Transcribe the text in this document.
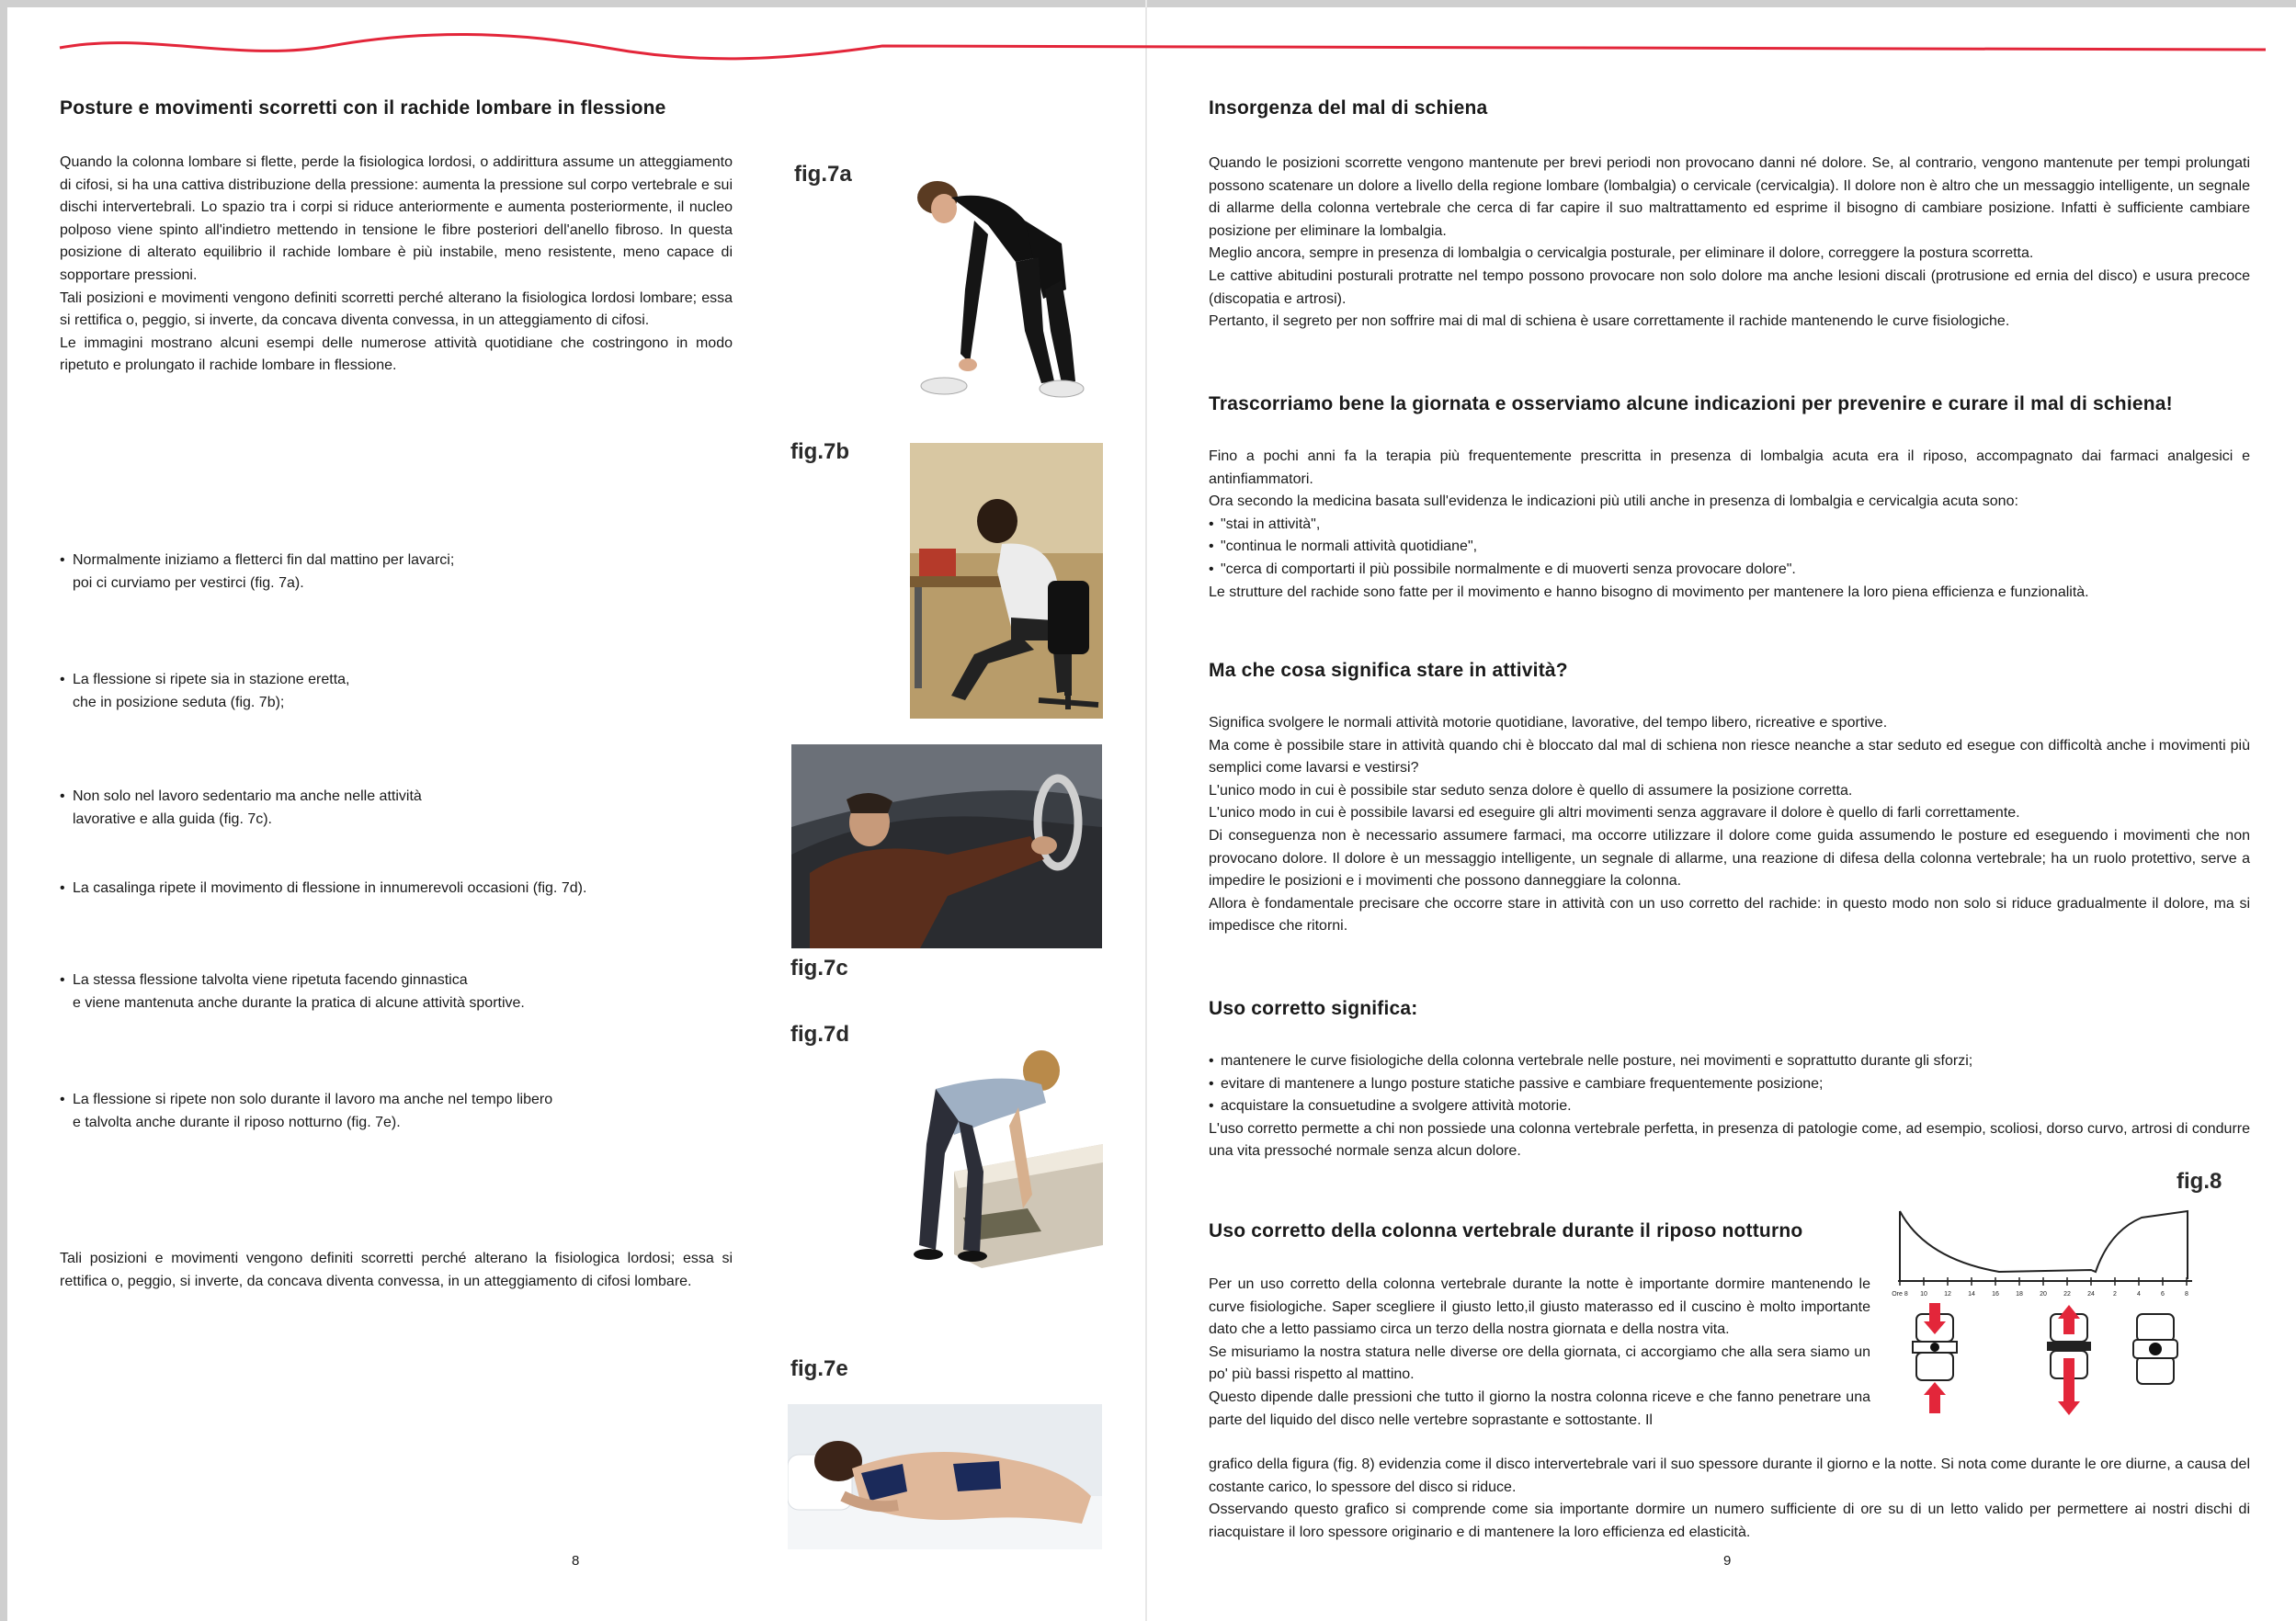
Posture e movimenti scorretti con il rachide lombare in flessione

Quando la colonna lombare si flette, perde la fisiologica lordosi, o addirittura assume un atteggiamento di cifosi, si ha una cattiva distribuzione della pressione: aumenta la pressione sul corpo vertebrale e sui dischi intervertebrali. Lo spazio tra i corpi si riduce anteriormente e aumenta posteriormente, il nucleo polposo viene spinto all'indietro mettendo in tensione le fibre posteriori dell'anello fibroso. In questa posizione di alterato equilibrio il rachide lombare è più instabile, meno resistente, meno capace di sopportare pressioni.

Tali posizioni e movimenti vengono definiti scorretti perché alterano la fisiologica lordosi lombare; essa si rettifica o, peggio, si inverte, da concava diventa convessa, in un atteggiamento di cifosi.

Le immagini mostrano alcuni esempi delle numerose attività quotidiane che costringono in modo ripetuto e prolungato il rachide lombare in flessione.

• Normalmente iniziamo a fletterci fin dal mattino per lavarci;
poi ci curviamo per vestirci (fig. 7a).
• La flessione si ripete sia in stazione eretta,
che in posizione seduta (fig. 7b);
• Non solo nel lavoro sedentario ma anche nelle attività
lavorative e alla guida (fig. 7c).
• La casalinga ripete il movimento di flessione in innumerevoli occasioni (fig. 7d).
• La stessa flessione talvolta viene ripetuta facendo ginnastica
e viene mantenuta anche durante la pratica di alcune attività sportive.
• La flessione si ripete non solo durante il lavoro ma anche nel tempo libero
e talvolta anche durante il riposo notturno (fig. 7e).
Tali posizioni e movimenti vengono definiti scorretti perché alterano la fisiologica lordosi; essa si rettifica o, peggio, si inverte, da concava diventa convessa, in un atteggiamento di cifosi lombare.
8
fig.7a
fig.7b
fig.7c
fig.7d
fig.7e
Insorgenza del mal di schiena

Quando le posizioni scorrette vengono mantenute per brevi periodi non provocano danni né dolore. Se, al contrario, vengono mantenute per tempi prolungati possono scatenare un dolore a livello della regione lombare (lombalgia) o cervicale (cervicalgia). Il dolore non è altro che un messaggio intelligente, un segnale di allarme della colonna vertebrale che cerca di far capire il suo maltrattamento ed esprime il bisogno di cambiare posizione. Infatti è sufficiente cambiare posizione per eliminare la lombalgia.

Meglio ancora, sempre in presenza di lombalgia o cervicalgia posturale, per eliminare il dolore, correggere la postura scorretta.

Le cattive abitudini posturali protratte nel tempo possono provocare non solo dolore ma anche lesioni discali (protrusione ed ernia del disco) e usura precoce (discopatia e artrosi).

Pertanto, il segreto per non soffrire mai di mal di schiena è usare correttamente il rachide mantenendo le curve fisiologiche.

Trascorriamo bene la giornata e osserviamo alcune indicazioni per prevenire e curare il mal di schiena!

Fino a pochi anni fa la terapia più frequentemente prescritta in presenza di lombalgia acuta era il riposo, accompagnato dai farmaci analgesici e antinfiammatori.

Ora secondo la medicina basata sull'evidenza le indicazioni più utili anche in presenza di lombalgia e cervicalgia acuta sono:

• "stai in attività",
• "continua le normali attività quotidiane",
• "cerca di comportarti il più possibile normalmente e di muoverti senza provocare dolore".

Le strutture del rachide sono fatte per il movimento e hanno bisogno di movimento per mantenere la loro piena efficienza e funzionalità.

Ma che cosa significa stare in attività?

Significa svolgere le normali attività motorie quotidiane, lavorative, del tempo libero, ricreative e sportive.

Ma come è possibile stare in attività quando chi è bloccato dal mal di schiena non riesce neanche a star seduto ed esegue con difficoltà anche i movimenti più semplici come lavarsi e vestirsi?

L'unico modo in cui è possibile star seduto senza dolore è quello di assumere la posizione corretta.

L'unico modo in cui è possibile lavarsi ed eseguire gli altri movimenti senza aggravare il dolore è quello di farli correttamente.

Di conseguenza non è necessario assumere farmaci, ma occorre utilizzare il dolore come guida assumendo le posture ed eseguendo i movimenti che non provocano dolore. Il dolore è un messaggio intelligente, un segnale di allarme, una reazione di difesa della colonna vertebrale; ha un ruolo protettivo, serve a impedire le posizioni e i movimenti che possono danneggiare la colonna.

Allora è fondamentale precisare che occorre stare in attività con un uso corretto del rachide: in questo modo non solo si riduce gradualmente il dolore, ma si impedisce che ritorni.

Uso corretto significa:
• mantenere le curve fisiologiche della colonna vertebrale nelle posture, nei movimenti e soprattutto durante gli sforzi;
• evitare di mantenere a lungo posture statiche passive e cambiare frequentemente posizione;
• acquistare la consuetudine a svolgere attività motorie.

L'uso corretto permette a chi non possiede una colonna vertebrale perfetta, in presenza di patologie come, ad esempio, scoliosi, dorso curvo, artrosi di condurre una vita pressoché normale senza alcun dolore.

Uso corretto della colonna vertebrale durante il riposo notturno
fig.8
Ore 8 10	12	14	16	18	20	22	24	2	4	6	8

Per un uso corretto della colonna vertebrale durante la notte è importante dormire mantenendo le curve fisiologiche. Saper scegliere il giusto letto,il giusto materasso ed il cuscino è molto importante dato che a letto passiamo circa un terzo della nostra giornata e della nostra vita.

Se misuriamo la nostra statura nelle diverse ore della giornata, ci accorgiamo che alla sera siamo un po' più bassi rispetto al mattino.

Questo dipende dalle pressioni che tutto il giorno la nostra colonna riceve e che fanno penetrare una parte del liquido del disco nelle vertebre soprastante e sottostante. Il

grafico della figura (fig. 8) evidenzia come il disco intervertebrale vari il suo spessore durante il giorno e la notte. Si nota come durante le ore diurne, a causa del costante carico, lo spessore del disco si riduce.

Osservando questo grafico si comprende come sia importante dormire un numero sufficiente di ore su di un letto valido per permettere ai nostri dischi di riacquistare il loro spessore originario e di mantenere la loro efficienza ed elasticità.

9
